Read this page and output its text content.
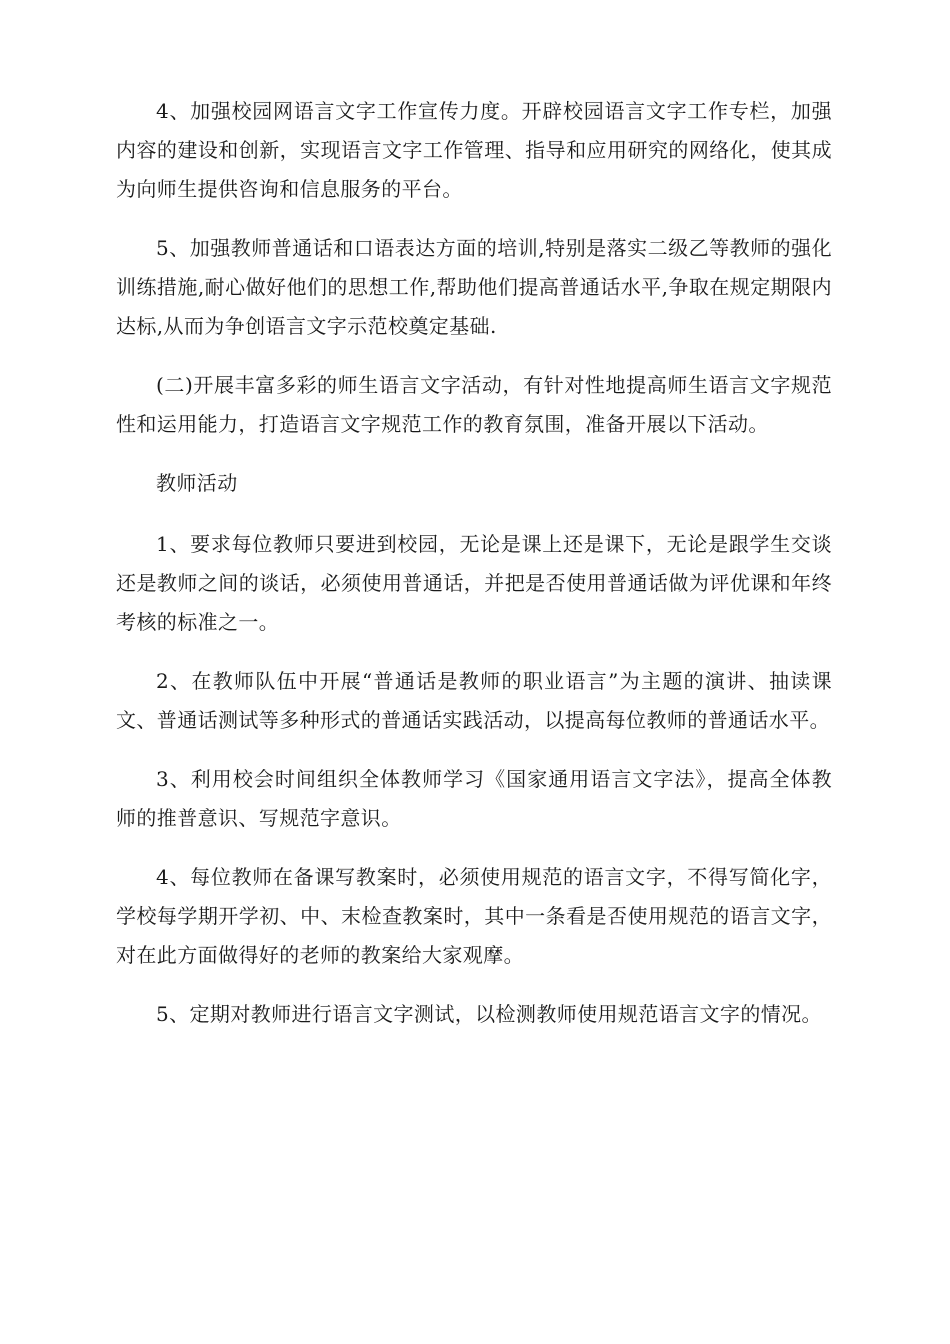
4、加强校园网语言文字工作宣传力度。开辟校园语言文字工作专栏，加强内容的建设和创新，实现语言文字工作管理、指导和应用研究的网络化，使其成为向师生提供咨询和信息服务的平台。

5、加强教师普通话和口语表达方面的培训,特别是落实二级乙等教师的强化训练措施,耐心做好他们的思想工作,帮助他们提高普通话水平,争取在规定期限内达标,从而为争创语言文字示范校奠定基础.

(二)开展丰富多彩的师生语言文字活动，有针对性地提高师生语言文字规范性和运用能力，打造语言文字规范工作的教育氛围，准备开展以下活动。

教师活动

1、要求每位教师只要进到校园，无论是课上还是课下，无论是跟学生交谈还是教师之间的谈话，必须使用普通话，并把是否使用普通话做为评优课和年终考核的标准之一。

2、在教师队伍中开展“普通话是教师的职业语言”为主题的演讲、抽读课文、普通话测试等多种形式的普通话实践活动，以提高每位教师的普通话水平。

3、利用校会时间组织全体教师学习《国家通用语言文字法》，提高全体教师的推普意识、写规范字意识。

4、每位教师在备课写教案时，必须使用规范的语言文字，不得写简化字，学校每学期开学初、中、末检查教案时，其中一条看是否使用规范的语言文字，对在此方面做得好的老师的教案给大家观摩。

5、定期对教师进行语言文字测试，以检测教师使用规范语言文字的情况。
